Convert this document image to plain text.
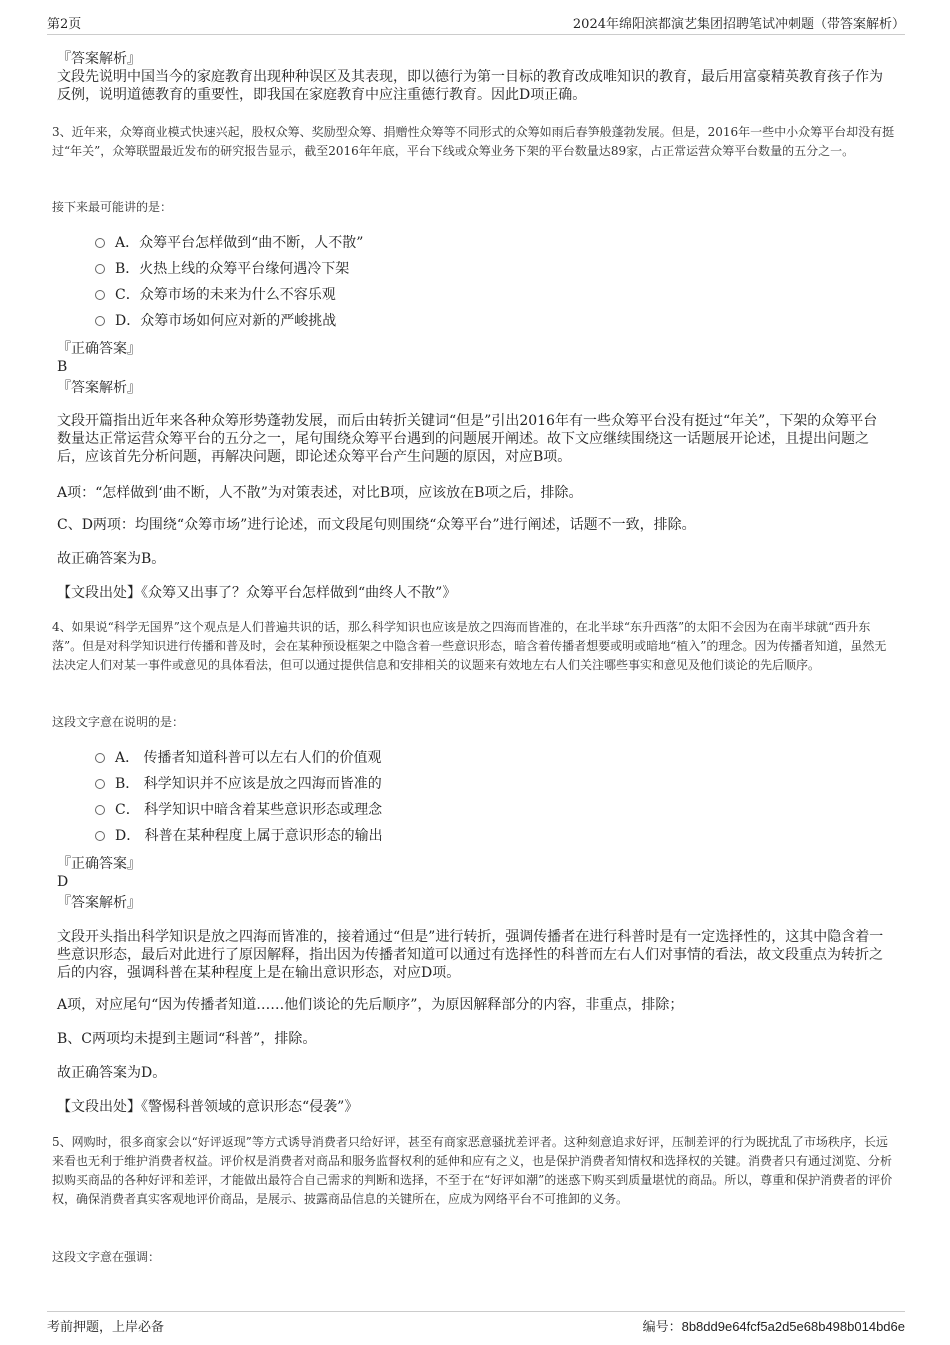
第2页	2024年绵阳滨都演艺集团招聘笔试冲刺题（带答案解析）
『答案解析』
文段先说明中国当今的家庭教育出现种种误区及其表现，即以德行为第一目标的教育改成唯知识的教育，最后用富豪精英教育孩子作为反例，说明道德教育的重要性，即我国在家庭教育中应注重德行教育。因此D项正确。
3、近年来，众筹商业模式快速兴起，股权众筹、奖励型众筹、捐赠性众筹等不同形式的众筹如雨后春笋般蓬勃发展。但是，2016年一些中小众筹平台却没有挺过“年关”，众筹联盟最近发布的研究报告显示，截至2016年年底，平台下线或众筹业务下架的平台数量达89家，占正常运营众筹平台数量的五分之一。
接下来最可能讲的是：
A．众筹平台怎样做到“曲不断，人不散”
B．火热上线的众筹平台缘何遇冷下架
C．众筹市场的未来为什么不容乐观
D．众筹市场如何应对新的严峻挑战
『正确答案』
B
『答案解析』
文段开篇指出近年来各种众筹形势蓬勃发展，而后由转折关键词“但是”引出2016年有一些众筹平台没有挺过“年关”，下架的众筹平台数量达正常运营众筹平台的五分之一，尾句围绕众筹平台遇到的问题展开阐述。故下文应继续围绕这一话题展开论述，且提出问题之后，应该首先分析问题，再解决问题，即论述众筹平台产生问题的原因，对应B项。
A项：“怎样做到‘曲不断，人不散”为对策表述，对比B项，应该放在B项之后，排除。
C、D两项：均围绕“众筹市场”进行论述，而文段尾句则围绕“众筹平台”进行阐述，话题不一致，排除。
故正确答案为B。
【文段出处】《众筹又出事了？众筹平台怎样做到“曲终人不散”》
4、如果说“科学无国界”这个观点是人们普遍共识的话，那么科学知识也应该是放之四海而皆准的，在北半球“东升西落”的太阳不会因为在南半球就“西升东落”。但是对科学知识进行传播和普及时，会在某种预设框架之中隐含着一些意识形态，暗含着传播者想要或明或暗地“植入”的理念。因为传播者知道，虽然无法决定人们对某一事件或意见的具体看法，但可以通过提供信息和安排相关的议题来有效地左右人们关注哪些事实和意见及他们谈论的先后顺序。
这段文字意在说明的是：
A． 传播者知道科普可以左右人们的价值观
B． 科学知识并不应该是放之四海而皆准的
C． 科学知识中暗含着某些意识形态或理念
D． 科普在某种程度上属于意识形态的输出
『正确答案』
D
『答案解析』
文段开头指出科学知识是放之四海而皆准的，接着通过“但是”进行转折，强调传播者在进行科普时是有一定选择性的，这其中隐含着一些意识形态，最后对此进行了原因解释，指出因为传播者知道可以通过有选择性的科普而左右人们对事情的看法，故文段重点为转折之后的内容，强调科普在某种程度上是在输出意识形态，对应D项。
A项，对应尾句“因为传播者知道……他们谈论的先后顺序”，为原因解释部分的内容，非重点，排除；
B、C两项均未提到主题词“科普”，排除。
故正确答案为D。
【文段出处】《警惕科普领域的意识形态“侵袭”》
5、网购时，很多商家会以“好评返现”等方式诱导消费者只给好评，甚至有商家恶意骚扰差评者。这种刻意追求好评，压制差评的行为既扰乱了市场秩序，长远来看也无利于维护消费者权益。评价权是消费者对商品和服务监督权利的延伸和应有之义，也是保护消费者知情权和选择权的关键。消费者只有通过浏览、分析拟购买商品的各种好评和差评，才能做出最符合自己需求的判断和选择，不至于在“好评如潮”的迷惑下购买到质量堪忧的商品。所以，尊重和保护消费者的评价权，确保消费者真实客观地评价商品，是展示、披露商品信息的关键所在，应成为网络平台不可推卸的义务。
这段文字意在强调：
考前押题，上岸必备	编号：8b8dd9e64fcf5a2d5e68b498b014bd6e
